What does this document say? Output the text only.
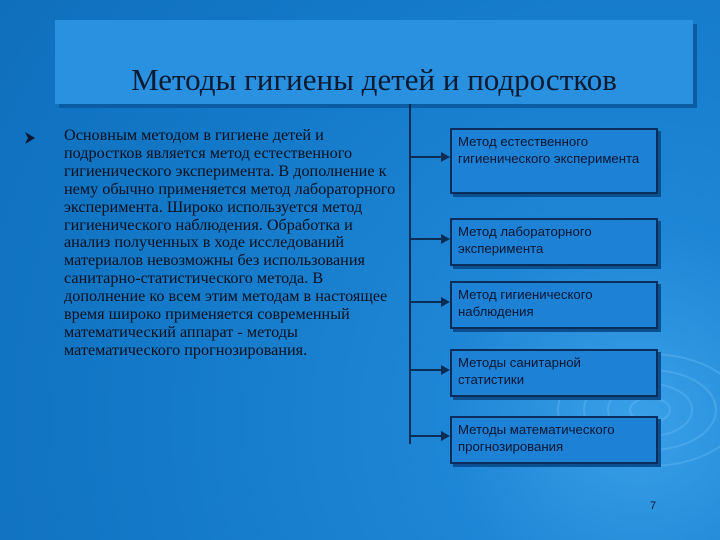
Методы гигиены детей и подростков
Основным методом в гигиене детей и подростков является метод естественного гигиенического эксперимента. В дополнение к нему обычно применяется метод лабораторного эксперимента. Широко используется метод гигиенического наблюдения. Обработка и анализ полученных в ходе исследований материалов невозможны без использования санитарно-статистического метода. В дополнение ко всем этим методам в настоящее время широко применяется современный математический аппарат - методы математического прогнозирования.
Метод естественного гигиенического эксперимента
Метод лабораторного эксперимента
Метод гигиенического наблюдения
Методы санитарной статистики
Методы математического прогнозирования
7
